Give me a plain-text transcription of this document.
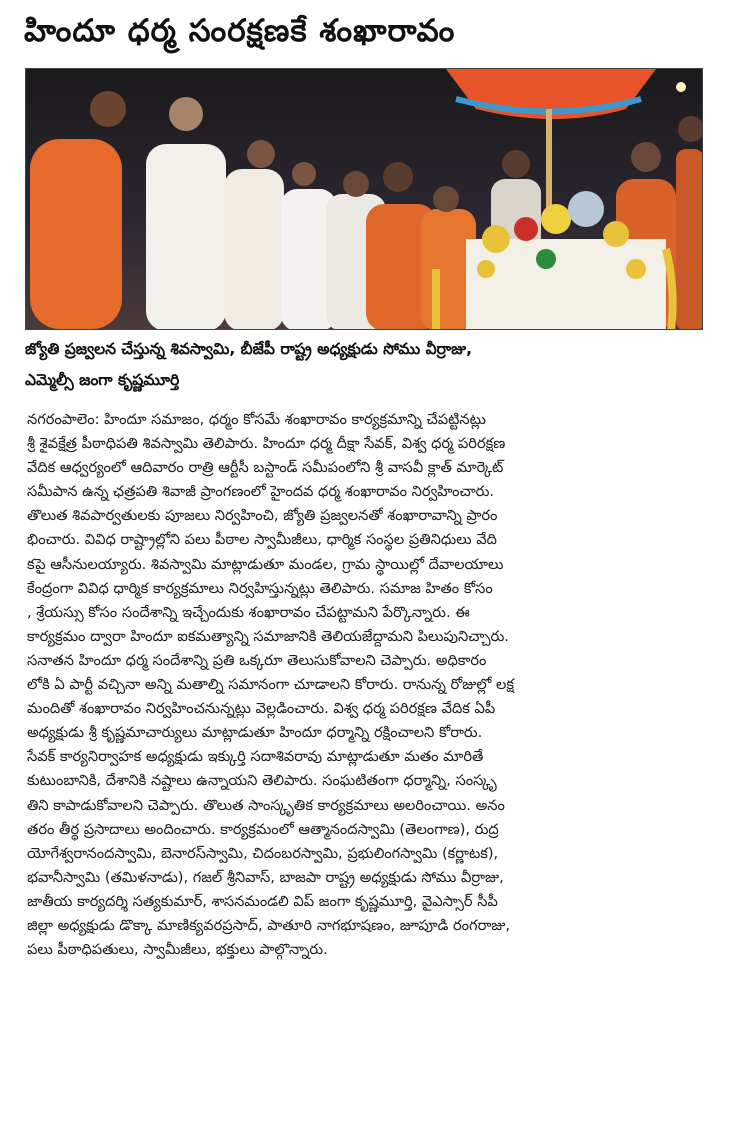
హిందూ ధర్మ సంరక్షణకే శంఖారావం
జ్యోతి ప్రజ్వలన చేస్తున్న శివస్వామి, బీజేపీ రాష్ట్ర అధ్యక్షుడు సోము వీర్రాజు,
ఎమ్మెల్సీ జంగా కృష్ణమూర్తి
నగరంపాలెం: హిందూ సమాజం, ధర్మం కోసమే శంఖారావం కార్యక్రమాన్ని చేపట్టినట్లు
శ్రీ శైవక్షేత్ర పీఠాధిపతి శివస్వామి తెలిపారు. హిందూ ధర్మ దీక్షా సేవక్, విశ్వ ధర్మ పరిరక్షణ
వేదిక ఆధ్వర్యంలో ఆదివారం రాత్రి ఆర్టీసీ బస్టాండ్ సమీపంలోని శ్రీ వాసవీ క్లాత్ మార్కెట్
సమీపాన ఉన్న ఛత్రపతి శివాజీ ప్రాంగణంలో హైందవ ధర్మ శంఖారావం నిర్వహించారు.
తొలుత శివపార్వతులకు పూజలు నిర్వహించి, జ్యోతి ప్రజ్వలనతో శంఖారావాన్ని ప్రారం
భించారు. వివిధ రాష్ట్రాల్లోని పలు పీఠాల స్వామీజీలు, ధార్మిక సంస్థల ప్రతినిధులు వేది
కపై ఆసీనులయ్యారు. శివస్వామి మాట్లాడుతూ మండల, గ్రామ స్థాయిల్లో దేవాలయాలు
కేంద్రంగా వివిధ ధార్మిక కార్యక్రమాలు నిర్వహిస్తున్నట్లు తెలిపారు. సమాజ హితం కోసం
, శ్రేయస్సు కోసం సందేశాన్ని ఇచ్చేందుకు శంఖారావం చేపట్టామని పేర్కొన్నారు. ఈ
కార్యక్రమం ద్వారా హిందూ ఐకమత్యాన్ని సమాజానికి తెలియజేద్దామని పిలుపునిచ్చారు.
సనాతన హిందూ ధర్మ సందేశాన్ని ప్రతి ఒక్కరూ తెలుసుకోవాలని చెప్పారు. అధికారం
లోకి ఏ పార్టీ వచ్చినా అన్ని మతాల్ని సమానంగా చూడాలని కోరారు. రానున్న రోజుల్లో లక్ష
మందితో శంఖారావం నిర్వహించనున్నట్లు వెల్లడించారు. విశ్వ ధర్మ పరిరక్షణ వేదిక ఏపీ
అధ్యక్షుడు శ్రీ కృష్ణమాచార్యులు మాట్లాడుతూ హిందూ ధర్మాన్ని రక్షించాలని కోరారు.
సేవక్ కార్యనిర్వాహక అధ్యక్షుడు ఇక్కుర్తి సదాశివరావు మాట్లాడుతూ మతం మారితే
కుటుంబానికి, దేశానికి నష్టాలు ఉన్నాయని తెలిపారు. సంఘటితంగా ధర్మాన్ని, సంస్కృ
తిని కాపాడుకోవాలని చెప్పారు. తొలుత సాంస్కృతిక కార్యక్రమాలు అలరించాయి. అనం
తరం తీర్థ ప్రసాదాలు అందించారు. కార్యక్రమంలో ఆత్మానందస్వామి (తెలంగాణ), రుద్ర
యోగేశ్వరానందస్వామి, బెనారస్‌స్వామి, చిదంబరస్వామి, ప్రభులింగస్వామి (కర్ణాటక),
భవానీస్వామి (తమిళనాడు), గజల్ శ్రీనివాస్, బాజపా రాష్ట్ర అధ్యక్షుడు సోము వీర్రాజు,
జాతీయ కార్యదర్శి సత్యకుమార్, శాసనమండలి విప్ జంగా కృష్ణమూర్తి, వైఎస్సార్ సీపీ
జిల్లా అధ్యక్షుడు డొక్కా మాణిక్యవరప్రసాద్, పాతూరి నాగభూషణం, జూపూడి రంగరాజు,
పలు పీఠాధిపతులు, స్వామీజీలు, భక్తులు పాల్గొన్నారు.
